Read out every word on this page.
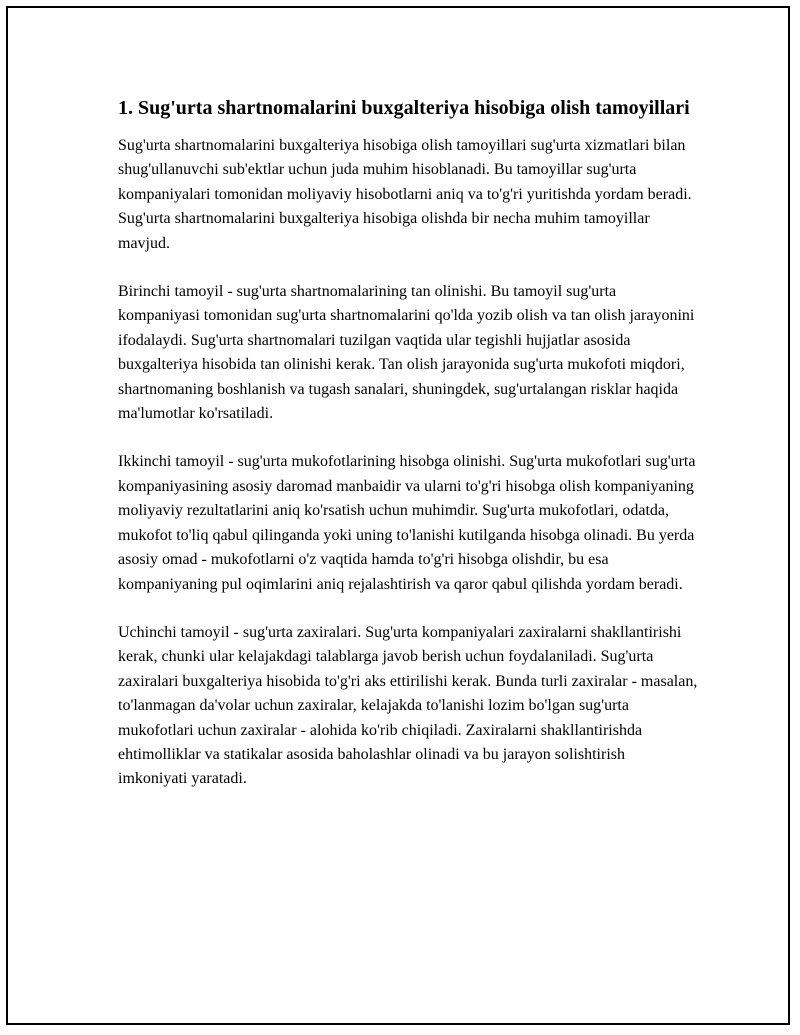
1. Sug'urta shartnomalarini buxgalteriya hisobiga olish tamoyillari

Sug'urta shartnomalarini buxgalteriya hisobiga olish tamoyillari sug'urta xizmatlari bilan shug'ullanuvchi sub'ektlar uchun juda muhim hisoblanadi. Bu tamoyillar sug'urta kompaniyalari tomonidan moliyaviy hisobotlarni aniq va to'g'ri yuritishda yordam beradi. Sug'urta shartnomalarini buxgalteriya hisobiga olishda bir necha muhim tamoyillar mavjud.

Birinchi tamoyil - sug'urta shartnomalarining tan olinishi. Bu tamoyil sug'urta kompaniyasi tomonidan sug'urta shartnomalarini qo'lda yozib olish va tan olish jarayonini ifodalaydi. Sug'urta shartnomalari tuzilgan vaqtida ular tegishli hujjatlar asosida buxgalteriya hisobida tan olinishi kerak. Tan olish jarayonida sug'urta mukofoti miqdori, shartnomaning boshlanish va tugash sanalari, shuningdek, sug'urtalangan risklar haqida ma'lumotlar ko'rsatiladi.

Ikkinchi tamoyil - sug'urta mukofotlarining hisobga olinishi. Sug'urta mukofotlari sug'urta kompaniyasining asosiy daromad manbaidir va ularni to'g'ri hisobga olish kompaniyaning moliyaviy rezultatlarini aniq ko'rsatish uchun muhimdir. Sug'urta mukofotlari, odatda, mukofot to'liq qabul qilinganda yoki uning to'lanishi kutilganda hisobga olinadi. Bu yerda asosiy omad - mukofotlarni o'z vaqtida hamda to'g'ri hisobga olishdir, bu esa kompaniyaning pul oqimlarini aniq rejalashtirish va qaror qabul qilishda yordam beradi.

Uchinchi tamoyil - sug'urta zaxiralari. Sug'urta kompaniyalari zaxiralarni shakllantirishi kerak, chunki ular kelajakdagi talablarga javob berish uchun foydalaniladi. Sug'urta zaxiralari buxgalteriya hisobida to'g'ri aks ettirilishi kerak. Bunda turli zaxiralar - masalan, to'lanmagan da'volar uchun zaxiralar, kelajakda to'lanishi lozim bo'lgan sug'urta mukofotlari uchun zaxiralar - alohida ko'rib chiqiladi. Zaxiralarni shakllantirishda ehtimolliklar va statikalar asosida baholashlar olinadi va bu jarayon solishtirish imkoniyati yaratadi.
